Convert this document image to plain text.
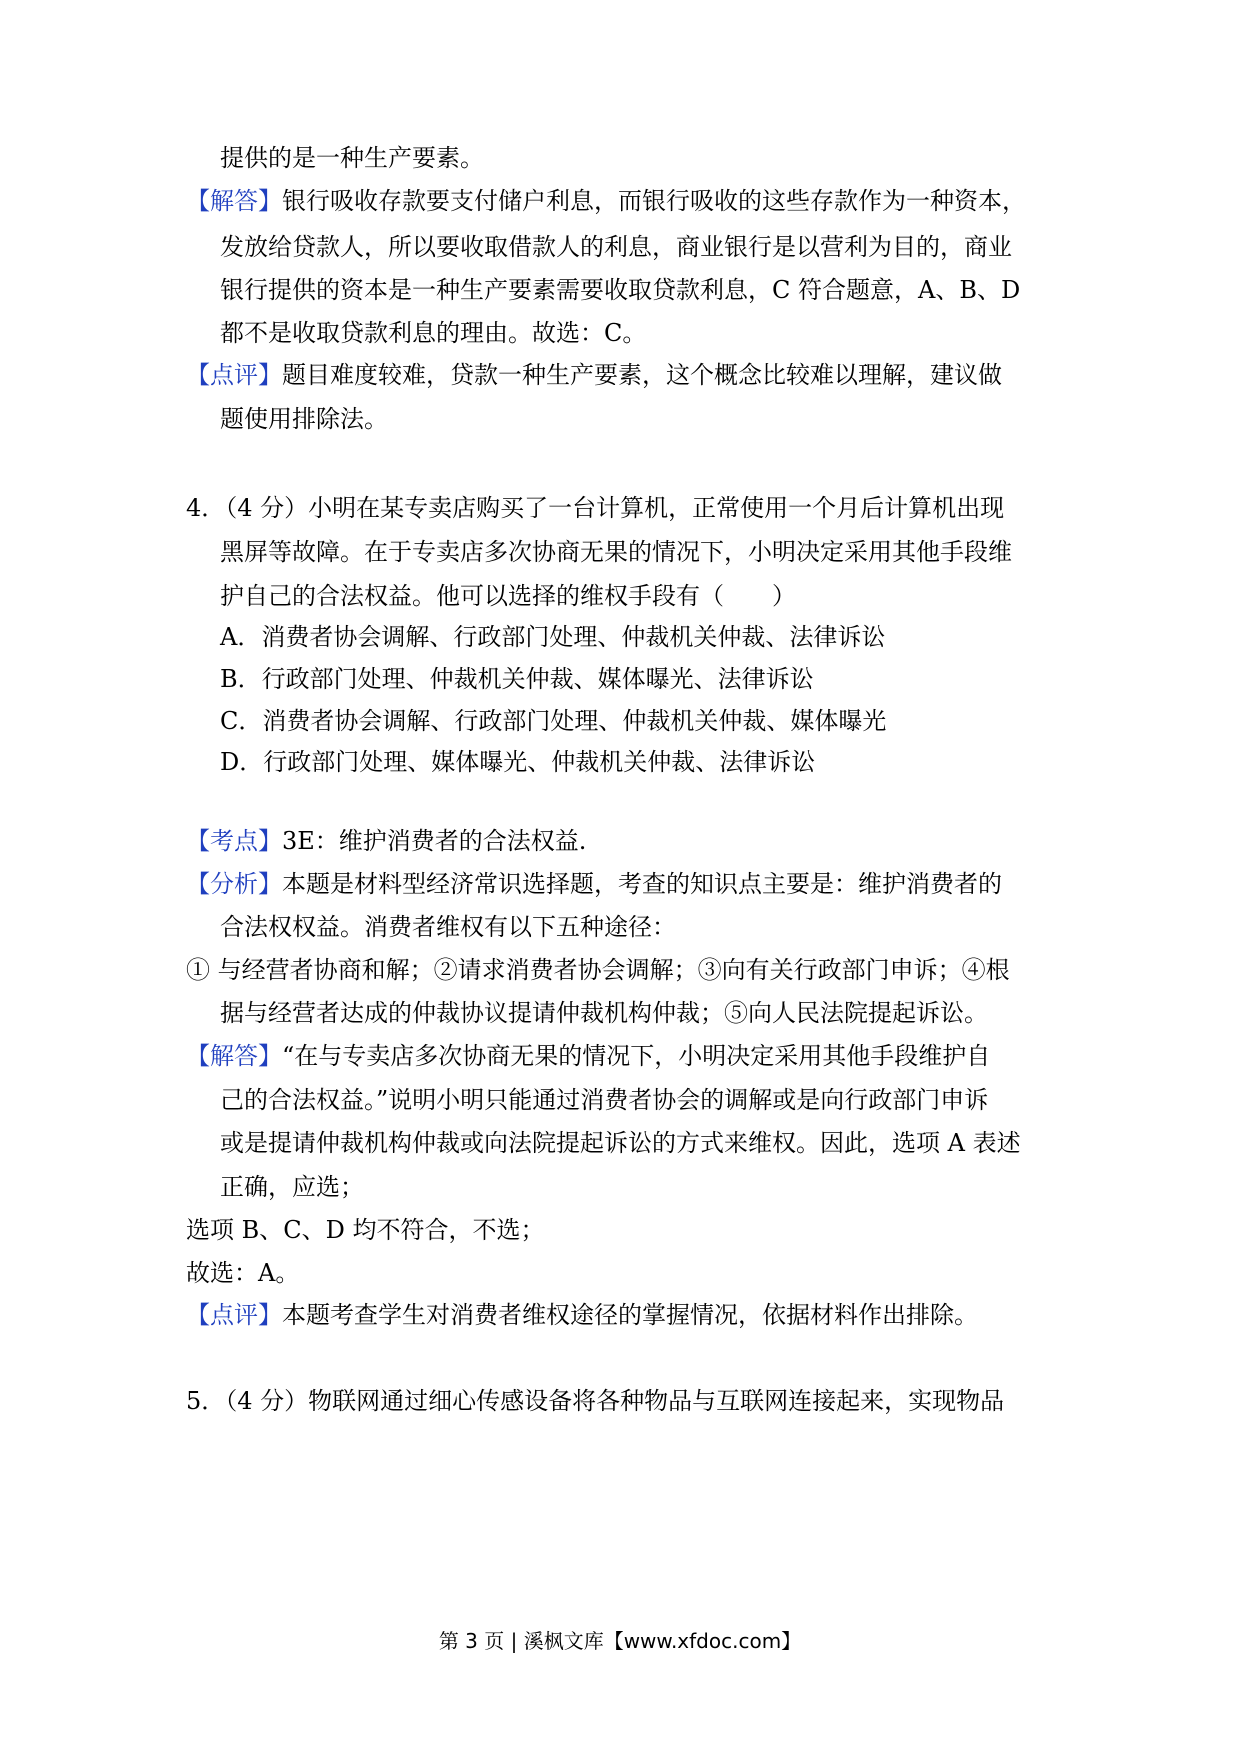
提供的是一种生产要素。
【解答】银行吸收存款要支付储户利息，而银行吸收的这些存款作为一种资本，
发放给贷款人，所以要收取借款人的利息，商业银行是以营利为目的，商业
银行提供的资本是一种生产要素需要收取贷款利息，C 符合题意，A、B、D
都不是收取贷款利息的理由。故选：C。
【点评】题目难度较难，贷款一种生产要素，这个概念比较难以理解，建议做
题使用排除法。
4．（4 分）小明在某专卖店购买了一台计算机，正常使用一个月后计算机出现
黑屏等故障。在于专卖店多次协商无果的情况下，小明决定采用其他手段维
护自己的合法权益。他可以选择的维权手段有（　　）
A．消费者协会调解、行政部门处理、仲裁机关仲裁、法律诉讼
B．行政部门处理、仲裁机关仲裁、媒体曝光、法律诉讼
C．消费者协会调解、行政部门处理、仲裁机关仲裁、媒体曝光
D．行政部门处理、媒体曝光、仲裁机关仲裁、法律诉讼
【考点】3E：维护消费者的合法权益.
【分析】本题是材料型经济常识选择题，考查的知识点主要是：维护消费者的
合法权权益。消费者维权有以下五种途径：
① 与经营者协商和解；②请求消费者协会调解；③向有关行政部门申诉；④根
据与经营者达成的仲裁协议提请仲裁机构仲裁；⑤向人民法院提起诉讼。
【解答】“在与专卖店多次协商无果的情况下，小明决定采用其他手段维护自
己的合法权益。”说明小明只能通过消费者协会的调解或是向行政部门申诉
或是提请仲裁机构仲裁或向法院提起诉讼的方式来维权。因此，选项 A 表述
正确，应选；
选项 B、C、D 均不符合，不选；
故选：A。
【点评】本题考查学生对消费者维权途径的掌握情况，依据材料作出排除。
5．（4 分）物联网通过细心传感设备将各种物品与互联网连接起来，实现物品
第 3 页 | 溪枫文库【www.xfdoc.com】
